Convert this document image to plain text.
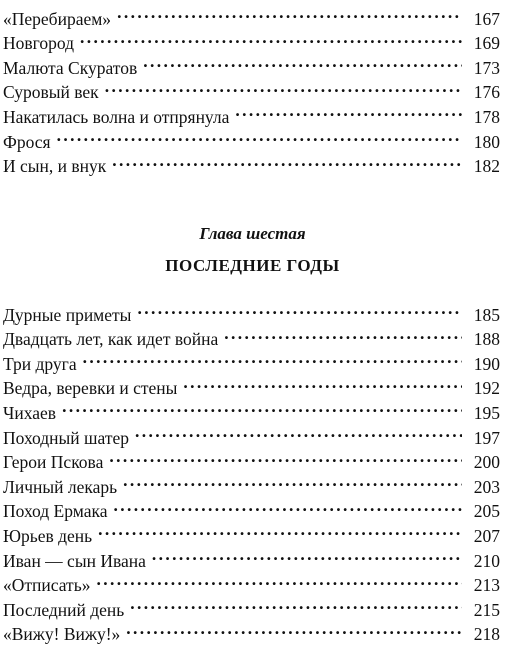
«Перебираем» . . .	167
Новгород . . .	169
Малюта Скуратов . . .	173
Суровый век . . .	176
Накатилась волна и отпрянула . . .	178
Фрося . . .	180
И сын, и внук . . .	182
Глава шестая
ПОСЛЕДНИЕ ГОДЫ
Дурные приметы . . .	185
Двадцать лет, как идет война . . .	188
Три друга . . .	190
Ведра, веревки и стены . . .	192
Чихаев . . .	195
Походный шатер . . .	197
Герои Пскова . . .	200
Личный лекарь . . .	203
Поход Ермака . . .	205
Юрьев день . . .	207
Иван — сын Ивана . . .	210
«Отписать» . . .	213
Последний день . . .	215
«Вижу! Вижу!» . . .	218
